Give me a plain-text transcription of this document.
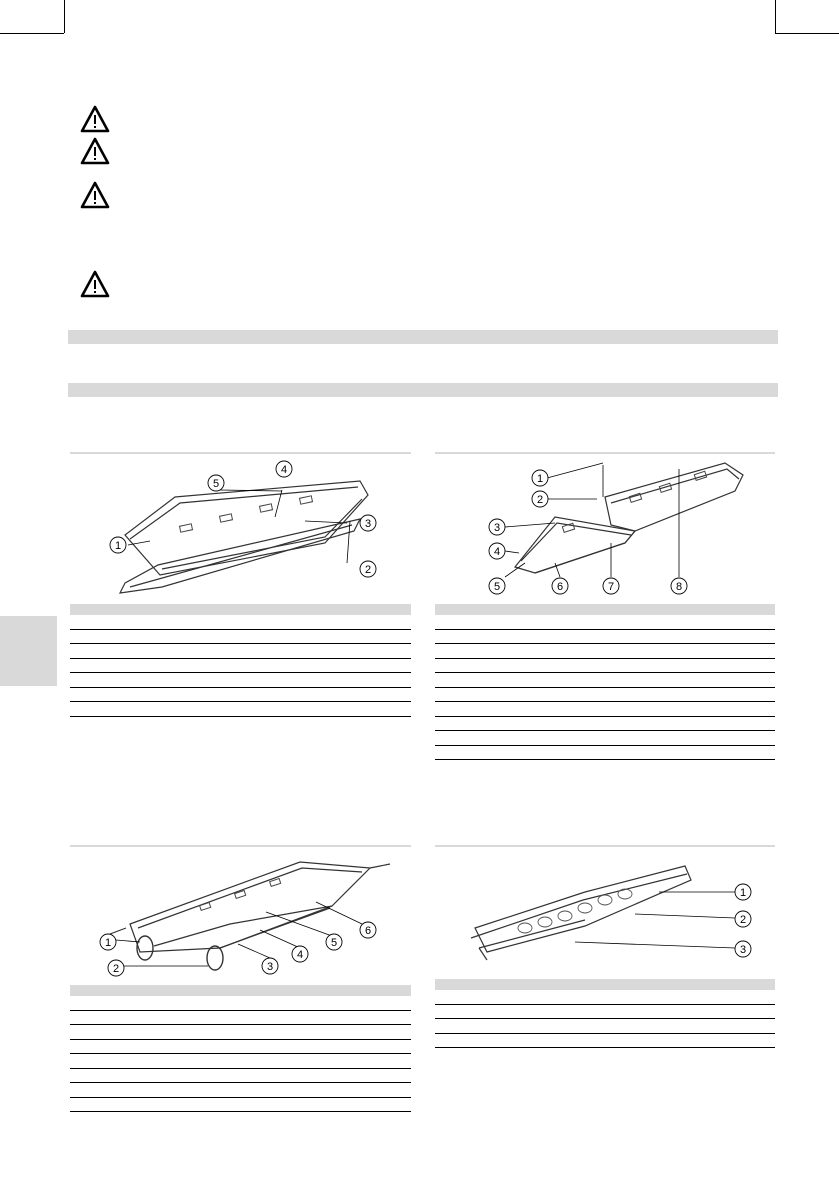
1
2
3
4
5	1
2
3
4
5	6	7	8
1
2	3
4
5
6
1
2
3
